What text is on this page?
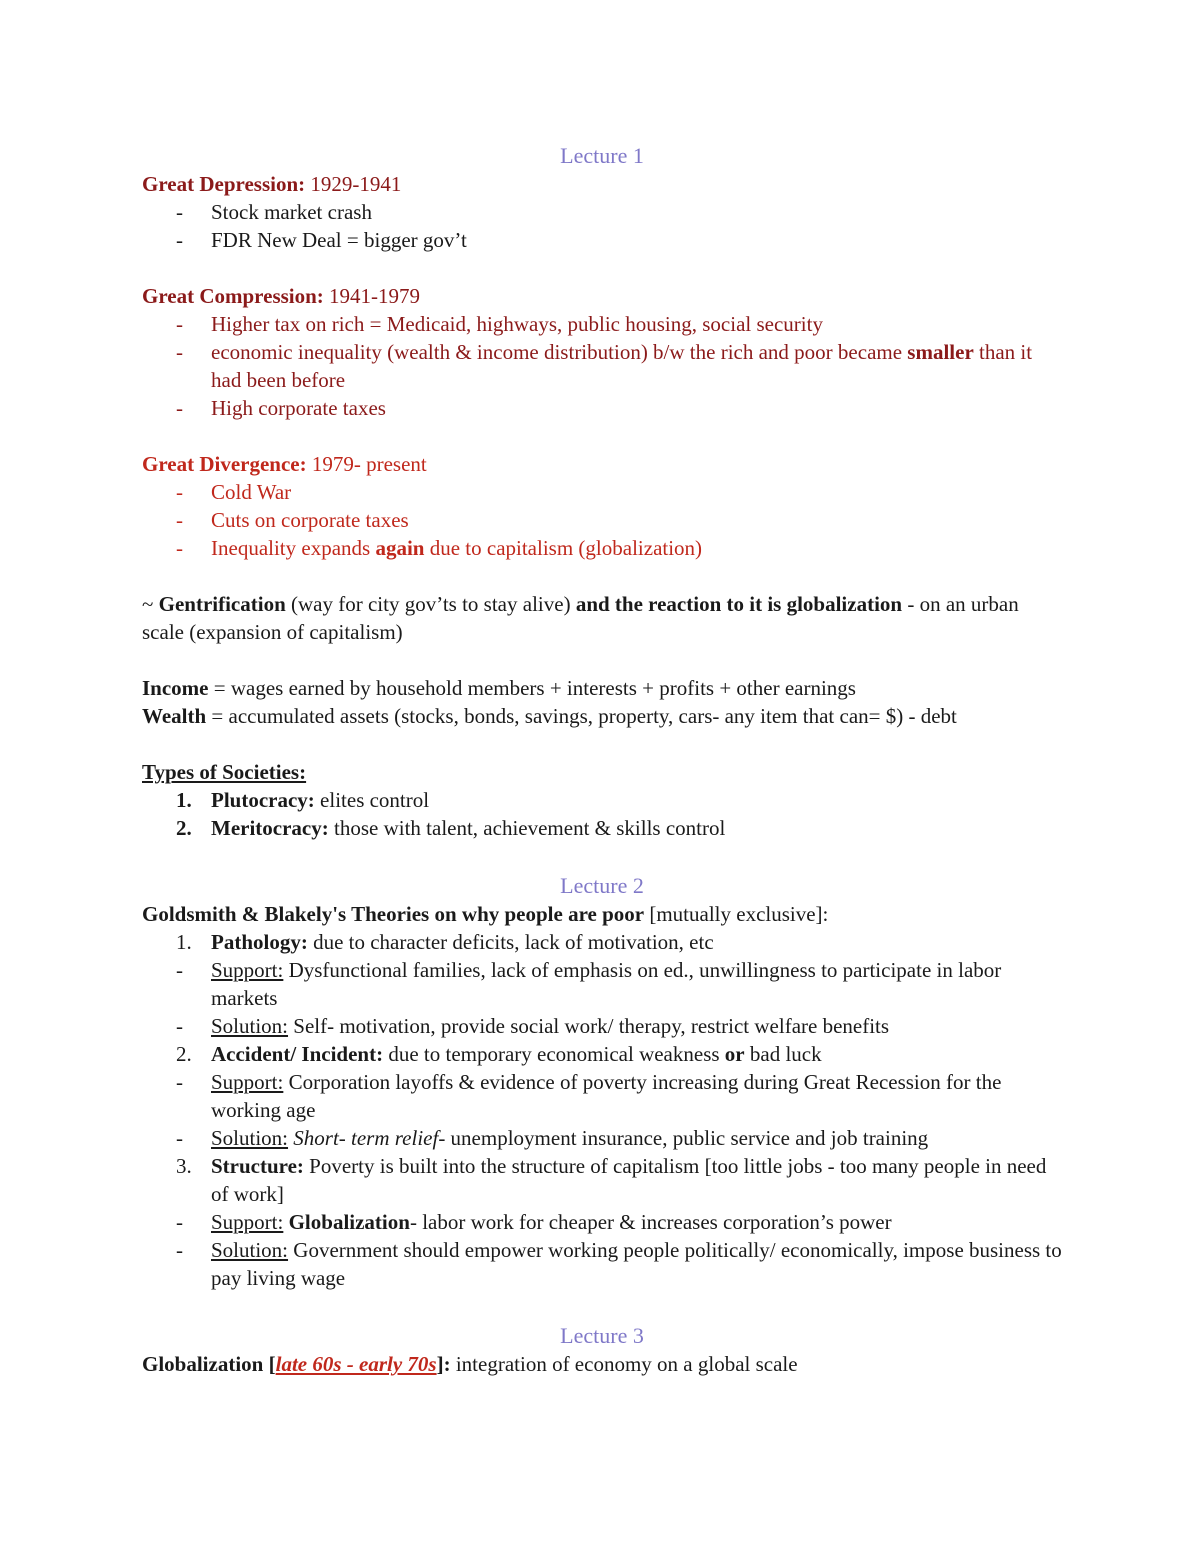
Lecture 1
Great Depression: 1929-1941
-	Stock market crash
-	FDR New Deal = bigger gov’t
Great Compression: 1941-1979
-	Higher tax on rich = Medicaid, highways, public housing, social security
-	economic inequality (wealth & income distribution) b/w the rich and poor became smaller than it had been before
-	High corporate taxes
Great Divergence: 1979- present
-	Cold War
-	Cuts on corporate taxes
-	Inequality expands again due to capitalism (globalization)
~ Gentrification (way for city gov’ts to stay alive) and the reaction to it is globalization - on an urban scale (expansion of capitalism)
Income = wages earned by household members + interests + profits + other earnings
Wealth = accumulated assets (stocks, bonds, savings, property, cars- any item that can= $) - debt
Types of Societies:
1. Plutocracy: elites control
2. Meritocracy: those with talent, achievement & skills control
Lecture 2
Goldsmith & Blakely's Theories on why people are poor [mutually exclusive]:
1. Pathology: due to character deficits, lack of motivation, etc
-	Support: Dysfunctional families, lack of emphasis on ed., unwillingness to participate in labor markets
-	Solution: Self- motivation, provide social work/ therapy, restrict welfare benefits
2. Accident/ Incident: due to temporary economical weakness or bad luck
-	Support: Corporation layoffs & evidence of poverty increasing during Great Recession for the working age
-	Solution: Short- term relief- unemployment insurance, public service and job training
3. Structure: Poverty is built into the structure of capitalism [too little jobs - too many people in need of work]
-	Support: Globalization- labor work for cheaper & increases corporation’s power
-	Solution: Government should empower working people politically/ economically, impose business to pay living wage
Lecture 3
Globalization [late 60s - early 70s]: integration of economy on a global scale
